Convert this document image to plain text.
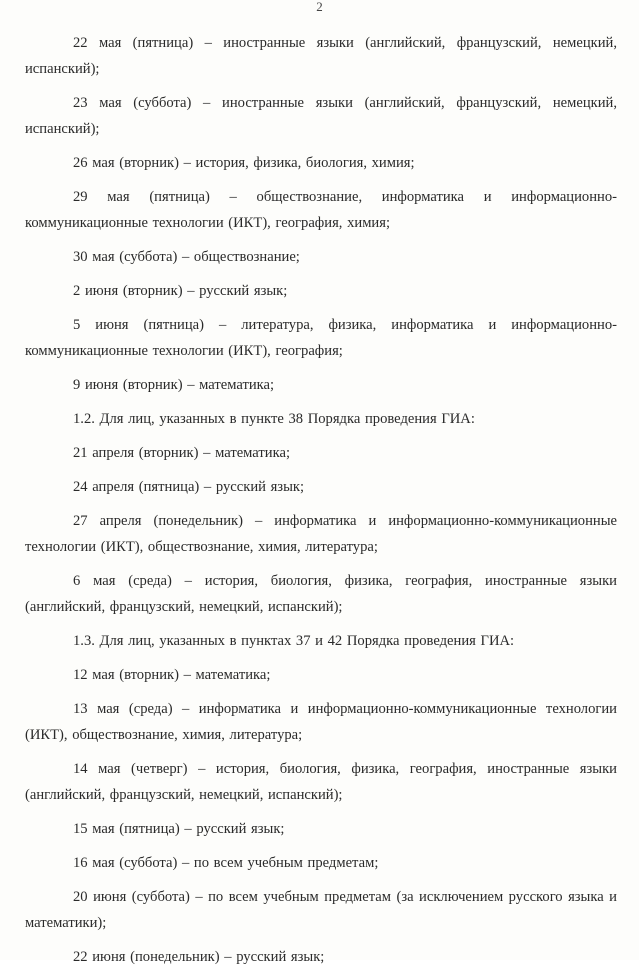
2

22 мая (пятница) – иностранные языки (английский, французский, немецкий, испанский);

23 мая (суббота) – иностранные языки (английский, французский, немецкий, испанский);

26 мая (вторник) – история, физика, биология, химия;

29 мая (пятница) – обществознание, информатика и информационно-коммуникационные технологии (ИКТ), география, химия;

30 мая (суббота) – обществознание;

2 июня (вторник) – русский язык;

5 июня (пятница) – литература, физика, информатика и информационно-коммуникационные технологии (ИКТ), география;

9 июня (вторник) – математика;

1.2. Для лиц, указанных в пункте 38 Порядка проведения ГИА:

21 апреля (вторник) – математика;

24 апреля (пятница) – русский язык;

27 апреля (понедельник) – информатика и информационно-коммуникационные технологии (ИКТ), обществознание, химия, литература;

6 мая (среда) – история, биология, физика, география, иностранные языки (английский, французский, немецкий, испанский);

1.3. Для лиц, указанных в пунктах 37 и 42 Порядка проведения ГИА:

12 мая (вторник) – математика;

13 мая (среда) – информатика и информационно-коммуникационные технологии (ИКТ), обществознание, химия, литература;

14 мая (четверг) – история, биология, физика, география, иностранные языки (английский, французский, немецкий, испанский);

15 мая (пятница) – русский язык;

16 мая (суббота) – по всем учебным предметам;

20 июня (суббота) – по всем учебным предметам (за исключением русского языка и математики);

22 июня (понедельник) – русский язык;
